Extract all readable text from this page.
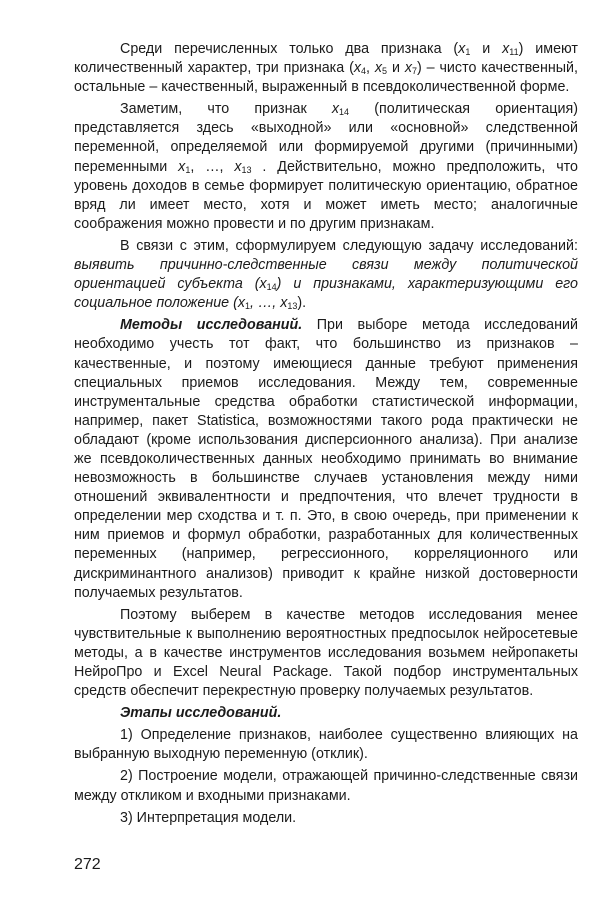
Среди перечисленных только два признака ($x_1$ и $x_{11}$) имеют количественный характер, три признака ($x_4$, $x_5$ и $x_7$) – чисто качественный, остальные – качественный, выраженный в псевдоколичественной форме.

Заметим, что признак $x_{14}$ (политическая ориентация) представляется здесь «выходной» или «основной» следственной переменной, определяемой или формируемой другими (причинными) переменными $x_1$, …, $x_{13}$ . Действительно, можно предположить, что уровень доходов в семье формирует политическую ориентацию, обратное вряд ли имеет место, хотя и может иметь место; аналогичные соображения можно провести и по другим признакам.

В связи с этим, сформулируем следующую задачу исследований: выявить причинно-следственные связи между политической ориентацией субъекта $(x_{14})$ и признаками, характеризующими его социальное положение ($x_1$, …, $x_{13}$).

Методы исследований. При выборе метода исследований необходимо учесть тот факт, что большинство из признаков – качественные, и поэтому имеющиеся данные требуют применения специальных приемов исследования. Между тем, современные инструментальные средства обработки статистической информации, например, пакет Statistica, возможностями такого рода практически не обладают (кроме использования дисперсионного анализа). При анализе же псевдоколичественных данных необходимо принимать во внимание невозможность в большинстве случаев установления между ними отношений эквивалентности и предпочтения, что влечет трудности в определении мер сходства и т. п. Это, в свою очередь, при применении к ним приемов и формул обработки, разработанных для количественных переменных (например, регрессионного, корреляционного или дискриминантного анализов) приводит к крайне низкой достоверности получаемых результатов.

Поэтому выберем в качестве методов исследования менее чувствительные к выполнению вероятностных предпосылок нейросетевые методы, а в качестве инструментов исследования возьмем нейропакеты НейроПро и Excel Neural Package. Такой подбор инструментальных средств обеспечит перекрестную проверку получаемых результатов.

Этапы исследований.

1) Определение признаков, наиболее существенно влияющих на выбранную выходную переменную (отклик).

2) Построение модели, отражающей причинно-следственные связи между откликом и входными признаками.

3) Интерпретация модели.

272
